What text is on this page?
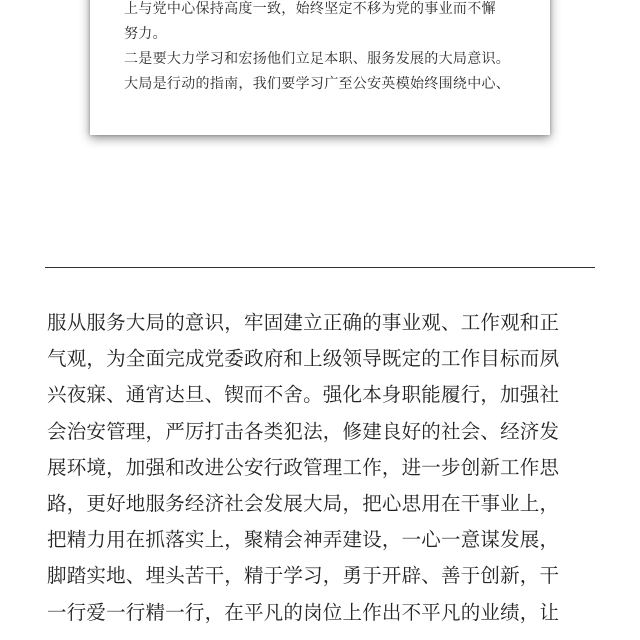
上与党中心保持高度一致，始终坚定不移为党的事业而不懈
努力。
二是要大力学习和宏扬他们立足本职、服务发展的大局意识。
大局是行动的指南，我们要学习广至公安英模始终围绕中心、
服从服务大局的意识，牢固建立正确的事业观、工作观和正
气观，为全面完成党委政府和上级领导既定的工作目标而夙
兴夜寐、通宵达旦、锲而不舍。强化本身职能履行，加强社
会治安管理，严厉打击各类犯法，修建良好的社会、经济发
展环境，加强和改进公安行政管理工作，进一步创新工作思
路，更好地服务经济社会发展大局，把心思用在干事业上，
把精力用在抓落实上，聚精会神弄建设，一心一意谋发展，
脚踏实地、埋头苦干，精于学习，勇于开辟、善于创新，干
一行爱一行精一行，在平凡的岗位上作出不平凡的业绩，让
